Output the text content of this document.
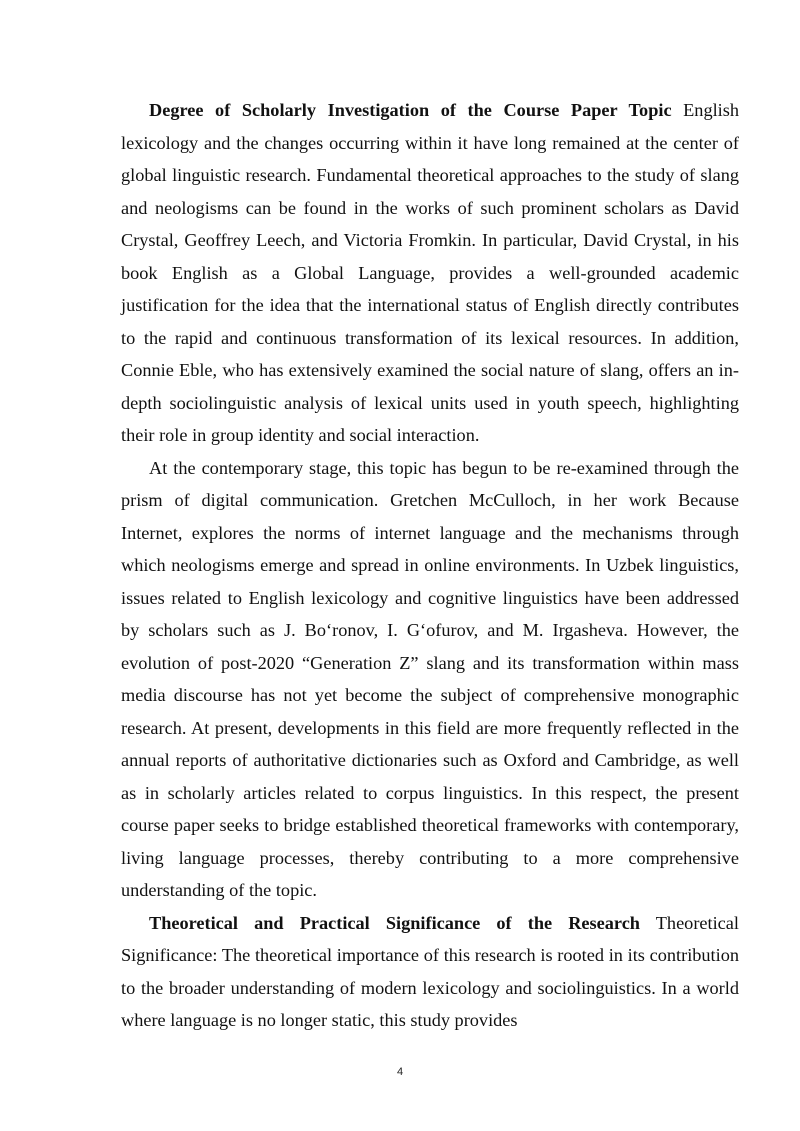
Degree of Scholarly Investigation of the Course Paper Topic English lexicology and the changes occurring within it have long remained at the center of global linguistic research. Fundamental theoretical approaches to the study of slang and neologisms can be found in the works of such prominent scholars as David Crystal, Geoffrey Leech, and Victoria Fromkin. In particular, David Crystal, in his book English as a Global Language, provides a well-grounded academic justification for the idea that the international status of English directly contributes to the rapid and continuous transformation of its lexical resources. In addition, Connie Eble, who has extensively examined the social nature of slang, offers an in-depth sociolinguistic analysis of lexical units used in youth speech, highlighting their role in group identity and social interaction.

At the contemporary stage, this topic has begun to be re-examined through the prism of digital communication. Gretchen McCulloch, in her work Because Internet, explores the norms of internet language and the mechanisms through which neologisms emerge and spread in online environments. In Uzbek linguistics, issues related to English lexicology and cognitive linguistics have been addressed by scholars such as J. Bo‘ronov, I. G‘ofurov, and M. Irgasheva. However, the evolution of post-2020 “Generation Z” slang and its transformation within mass media discourse has not yet become the subject of comprehensive monographic research. At present, developments in this field are more frequently reflected in the annual reports of authoritative dictionaries such as Oxford and Cambridge, as well as in scholarly articles related to corpus linguistics. In this respect, the present course paper seeks to bridge established theoretical frameworks with contemporary, living language processes, thereby contributing to a more comprehensive understanding of the topic.

Theoretical and Practical Significance of the Research Theoretical Significance: The theoretical importance of this research is rooted in its contribution to the broader understanding of modern lexicology and sociolinguistics. In a world where language is no longer static, this study provides

4
